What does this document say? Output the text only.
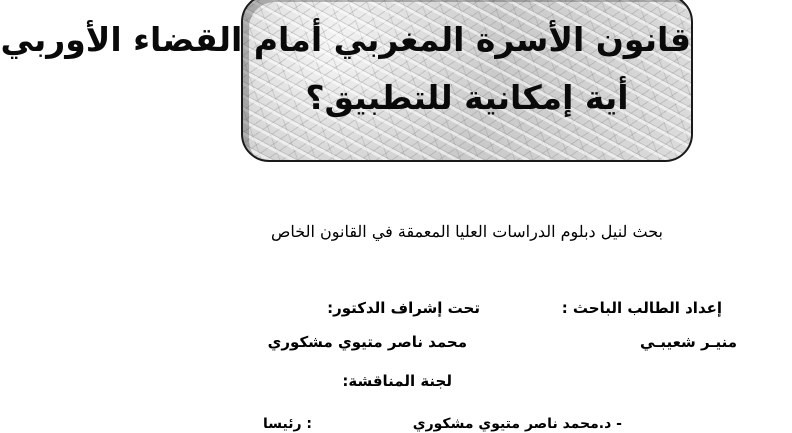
قانون الأسرة المغربي أمام القضاء الأوربي
أية إمكانية للتطبيق؟
بحث لنيل دبلوم الدراسات العليا المعمقة في القانون الخاص
إعداد الطالب الباحث :
تحت إشراف الدكتور:
منيـر شعيبـي
محمد ناصر متيوي مشكوري
لجنة المناقشة:
- د.محمد ناصر متيوي مشكوري
: رئيسا
